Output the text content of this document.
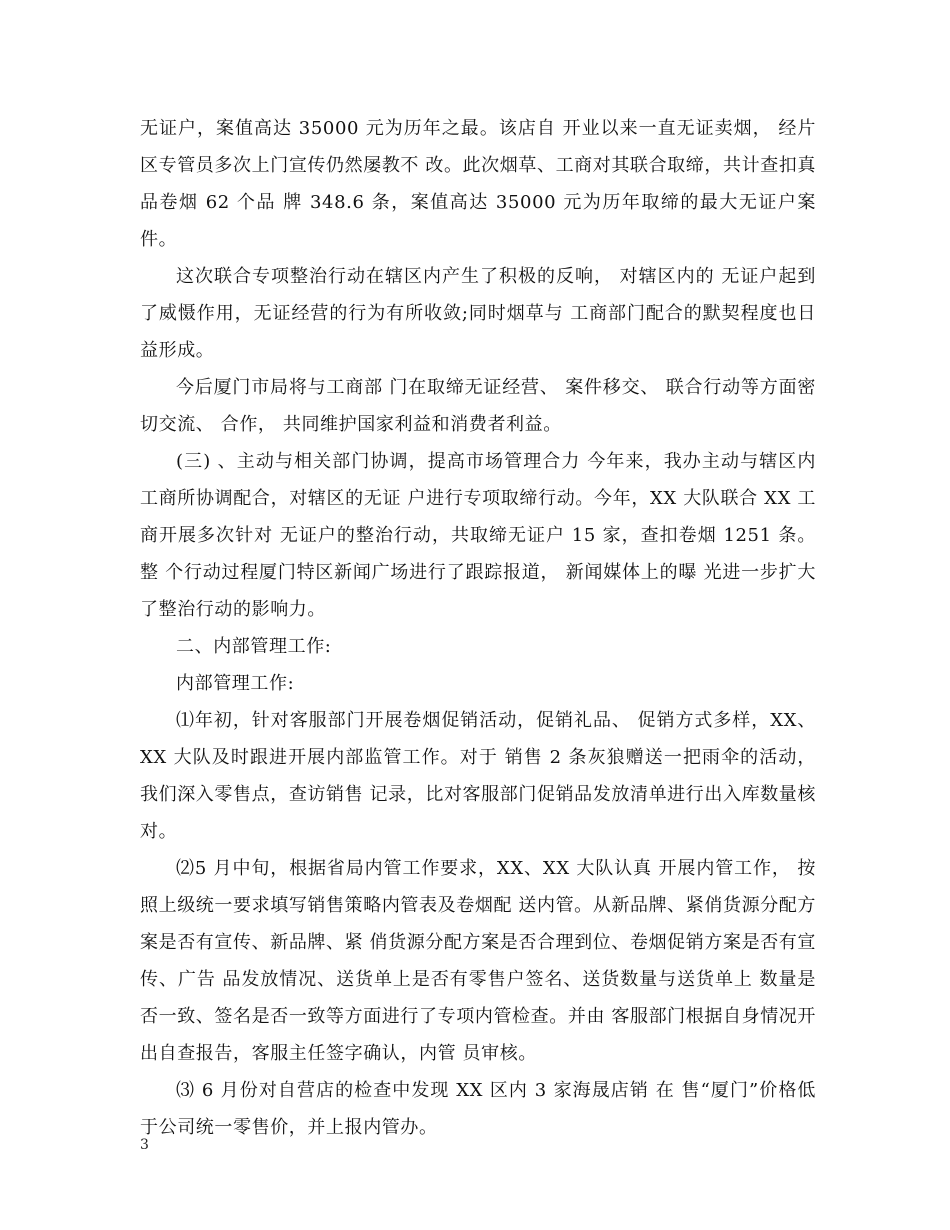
无证户，案值高达 35000 元为历年之最。该店自 开业以来一直无证卖烟， 经片区专管员多次上门宣传仍然屡教不 改。此次烟草、工商对其联合取缔，共计查扣真品卷烟 62 个品 牌 348.6 条，案值高达 35000 元为历年取缔的最大无证户案件。

这次联合专项整治行动在辖区内产生了积极的反响， 对辖区内的 无证户起到了威慑作用，无证经营的行为有所收敛;同时烟草与 工商部门配合的默契程度也日益形成。

今后厦门市局将与工商部 门在取缔无证经营、 案件移交、 联合行动等方面密切交流、 合作， 共同维护国家利益和消费者利益。

(三) 、主动与相关部门协调，提高市场管理合力 今年来，我办主动与辖区内工商所协调配合，对辖区的无证 户进行专项取缔行动。今年，XX 大队联合 XX 工商开展多次针对 无证户的整治行动，共取缔无证户 15 家，查扣卷烟 1251 条。整 个行动过程厦门特区新闻广场进行了跟踪报道， 新闻媒体上的曝 光进一步扩大了整治行动的影响力。

二、内部管理工作:

内部管理工作:

⑴年初，针对客服部门开展卷烟促销活动，促销礼品、 促销方式多样，XX、XX 大队及时跟进开展内部监管工作。对于 销售 2 条灰狼赠送一把雨伞的活动，我们深入零售点，查访销售 记录，比对客服部门促销品发放清单进行出入库数量核对。

⑵5 月中旬，根据省局内管工作要求，XX、XX 大队认真 开展内管工作， 按照上级统一要求填写销售策略内管表及卷烟配 送内管。从新品牌、紧俏货源分配方案是否有宣传、新品牌、紧 俏货源分配方案是否合理到位、卷烟促销方案是否有宣传、广告 品发放情况、送货单上是否有零售户签名、送货数量与送货单上 数量是否一致、签名是否一致等方面进行了专项内管检查。并由 客服部门根据自身情况开出自查报告，客服主任签字确认，内管 员审核。

⑶ 6 月份对自营店的检查中发现 XX 区内 3 家海晟店销 在 售“厦门”价格低于公司统一零售价，并上报内管办。

3
